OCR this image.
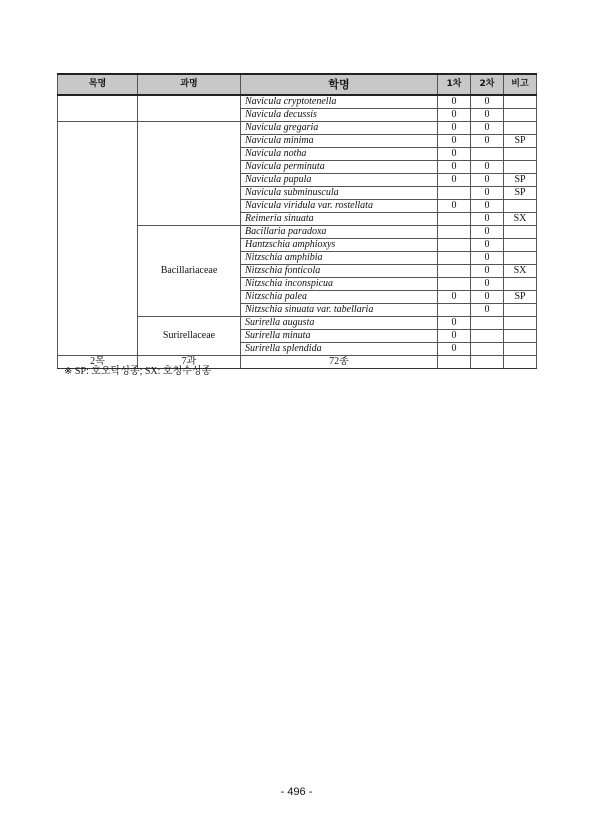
목명	과명	학명	1차	2차	비고
		Navicula cryptotenella	0	0	
		Navicula decussis	0	0	
		Navicula gregaria	0	0	
		Navicula minima	0	0	SP
		Navicula notha	0		
		Navicula perminuta	0	0	
		Navicula pupula	0	0	SP
		Navicula subminuscula		0	SP
		Navicula viridula var. rostellata	0	0	
		Reimeria sinuata		0	SX
	Bacillariaceae	Bacillaria paradoxa		0	
		Hantzschia amphioxys		0	
		Nitzschia amphibia		0	
		Nitzschia fonticola		0	SX
		Nitzschia inconspicua		0	
		Nitzschia palea	0	0	SP
		Nitzschia sinuata var. tabellaria		0	
	Surirellaceae	Surirella augusta	0		
		Surirella minuta	0		
		Surirella splendida	0		
2목	7과	72종			
※ SP: 호오탁성종; SX: 호청수성종
- 496 -
